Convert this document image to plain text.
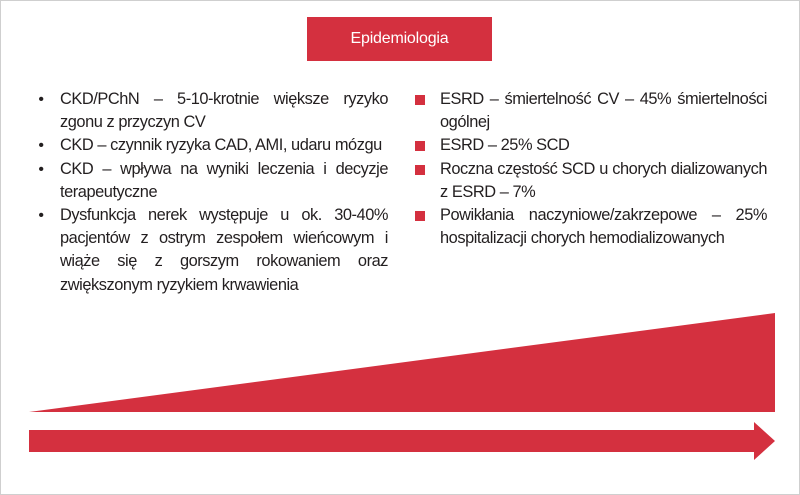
Epidemiologia
• CKD/PChN – 5-10-krotnie większe ryzyko zgonu z przyczyn CV
• CKD – czynnik ryzyka CAD, AMI, udaru mózgu
• CKD – wpływa na wyniki leczenia i decyzje terapeutyczne
• Dysfunkcja nerek występuje u ok. 30-40% pacjentów z ostrym zespołem wieńcowym i wiąże się z gorszym rokowaniem oraz zwiększonym ryzykiem krwawienia
ESRD – śmiertelność CV – 45% śmiertelności ogólnej
ESRD – 25% SCD
Roczna częstość SCD u chorych dializowanych z ESRD – 7%
Powikłania naczyniowe/zakrzepowe – 25% hospitalizacji chorych hemodializowanych
